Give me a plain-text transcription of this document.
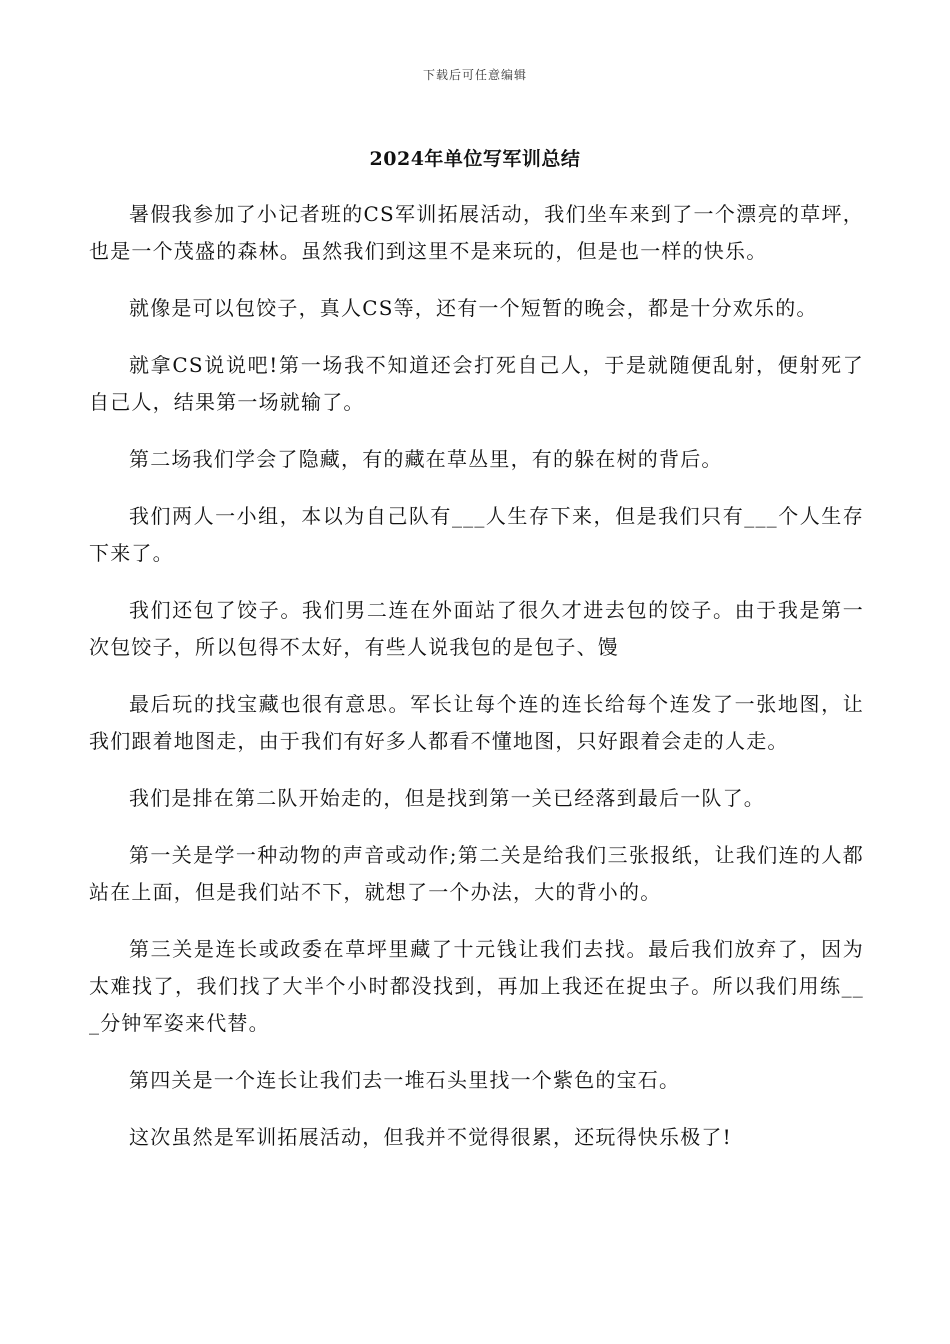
下载后可任意编辑
2024年单位写军训总结

暑假我参加了小记者班的CS军训拓展活动，我们坐车来到了一个漂亮的草坪，也是一个茂盛的森林。虽然我们到这里不是来玩的，但是也一样的快乐。

就像是可以包饺子，真人CS等，还有一个短暂的晚会，都是十分欢乐的。

就拿CS说说吧!第一场我不知道还会打死自己人，于是就随便乱射，便射死了自己人，结果第一场就输了。

第二场我们学会了隐藏，有的藏在草丛里，有的躲在树的背后。

我们两人一小组，本以为自己队有___人生存下来，但是我们只有___个人生存下来了。

我们还包了饺子。我们男二连在外面站了很久才进去包的饺子。由于我是第一次包饺子，所以包得不太好，有些人说我包的是包子、馒

最后玩的找宝藏也很有意思。军长让每个连的连长给每个连发了一张地图，让我们跟着地图走，由于我们有好多人都看不懂地图，只好跟着会走的人走。

我们是排在第二队开始走的，但是找到第一关已经落到最后一队了。

第一关是学一种动物的声音或动作;第二关是给我们三张报纸，让我们连的人都站在上面，但是我们站不下，就想了一个办法，大的背小的。

第三关是连长或政委在草坪里藏了十元钱让我们去找。最后我们放弃了，因为太难找了，我们找了大半个小时都没找到，再加上我还在捉虫子。所以我们用练___分钟军姿来代替。

第四关是一个连长让我们去一堆石头里找一个紫色的宝石。

这次虽然是军训拓展活动，但我并不觉得很累，还玩得快乐极了!
